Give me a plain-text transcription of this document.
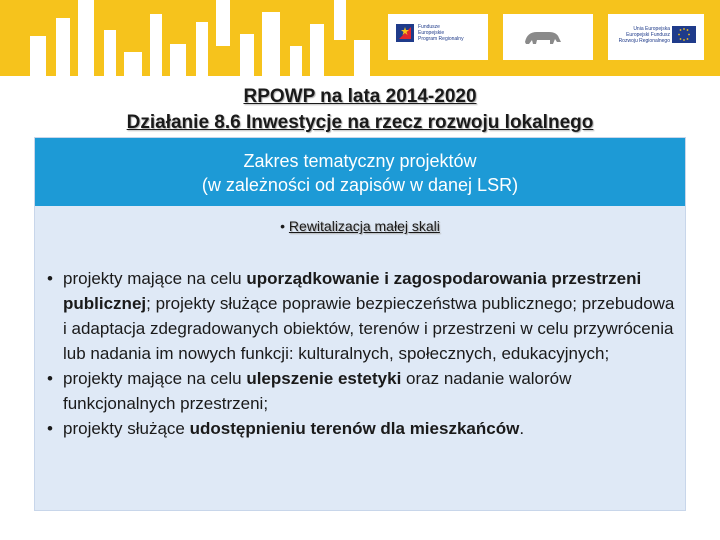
Fundusze
Europejskie
Program Regionalny
Unia Europejska
Europejski Fundusz
Rozwoju Regionalnego
RPOWP na lata 2014-2020
Działanie 8.6 Inwestycje na rzecz rozwoju lokalnego
Zakres tematyczny projektów
(w zależności od zapisów w danej LSR)
• Rewitalizacja małej skali
• projekty mające na celu uporządkowanie i zagospodarowania przestrzeni publicznej; projekty służące poprawie bezpieczeństwa publicznego; przebudowa i adaptacja zdegradowanych obiektów, terenów i przestrzeni w celu przywrócenia lub nadania im nowych funkcji: kulturalnych, społecznych, edukacyjnych;
• projekty mające na celu ulepszenie estetyki oraz nadanie walorów funkcjonalnych przestrzeni;
• projekty służące udostępnieniu terenów dla mieszkańców.
